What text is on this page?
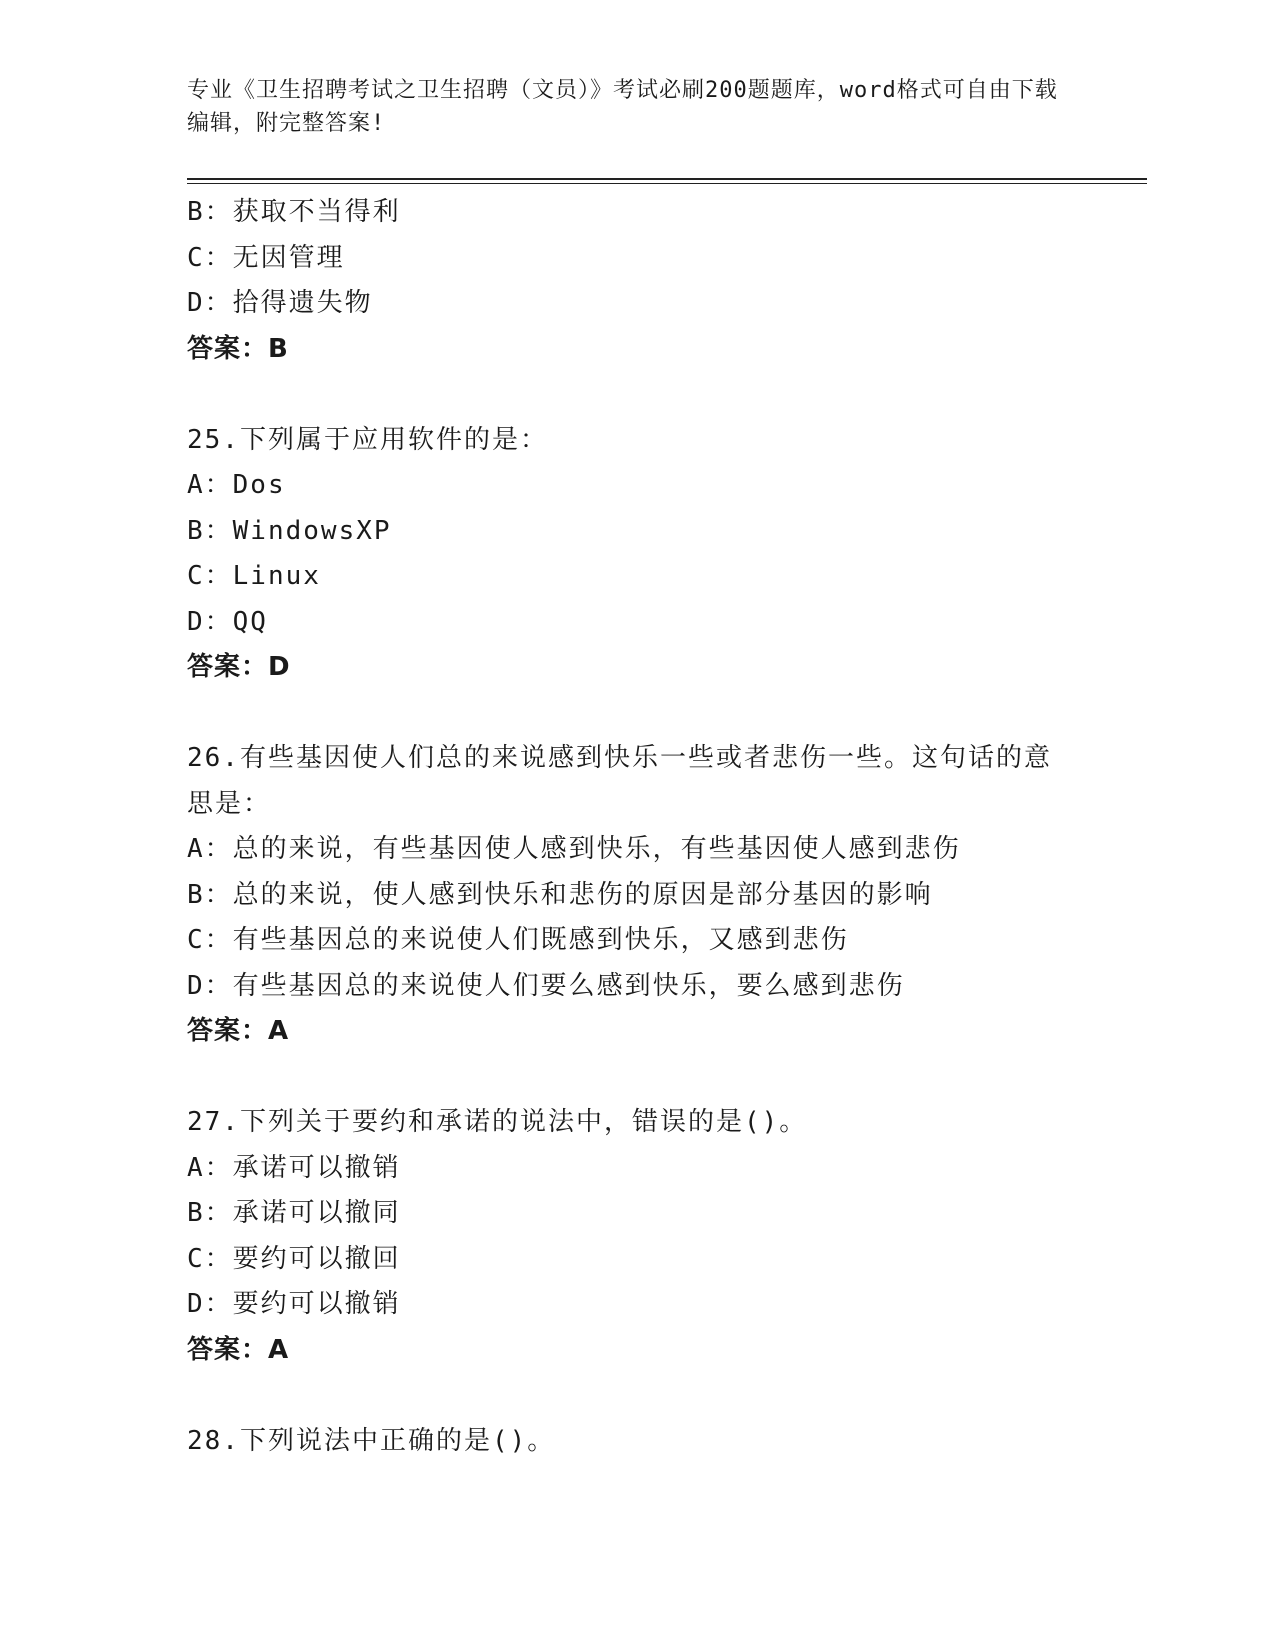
专业《卫生招聘考试之卫生招聘（文员）》考试必刷200题题库，word格式可自由下载编辑，附完整答案!
B：获取不当得利
C：无因管理
D：拾得遗失物
答案：B
25.下列属于应用软件的是：
A：Dos
B：WindowsXP
C：Linux
D：QQ
答案：D
26.有些基因使人们总的来说感到快乐一些或者悲伤一些。这句话的意思是：
A：总的来说，有些基因使人感到快乐，有些基因使人感到悲伤
B：总的来说，使人感到快乐和悲伤的原因是部分基因的影响
C：有些基因总的来说使人们既感到快乐，又感到悲伤
D：有些基因总的来说使人们要么感到快乐，要么感到悲伤
答案：A
27.下列关于要约和承诺的说法中，错误的是()。
A：承诺可以撤销
B：承诺可以撤同
C：要约可以撤回
D：要约可以撤销
答案：A
28.下列说法中正确的是()。
